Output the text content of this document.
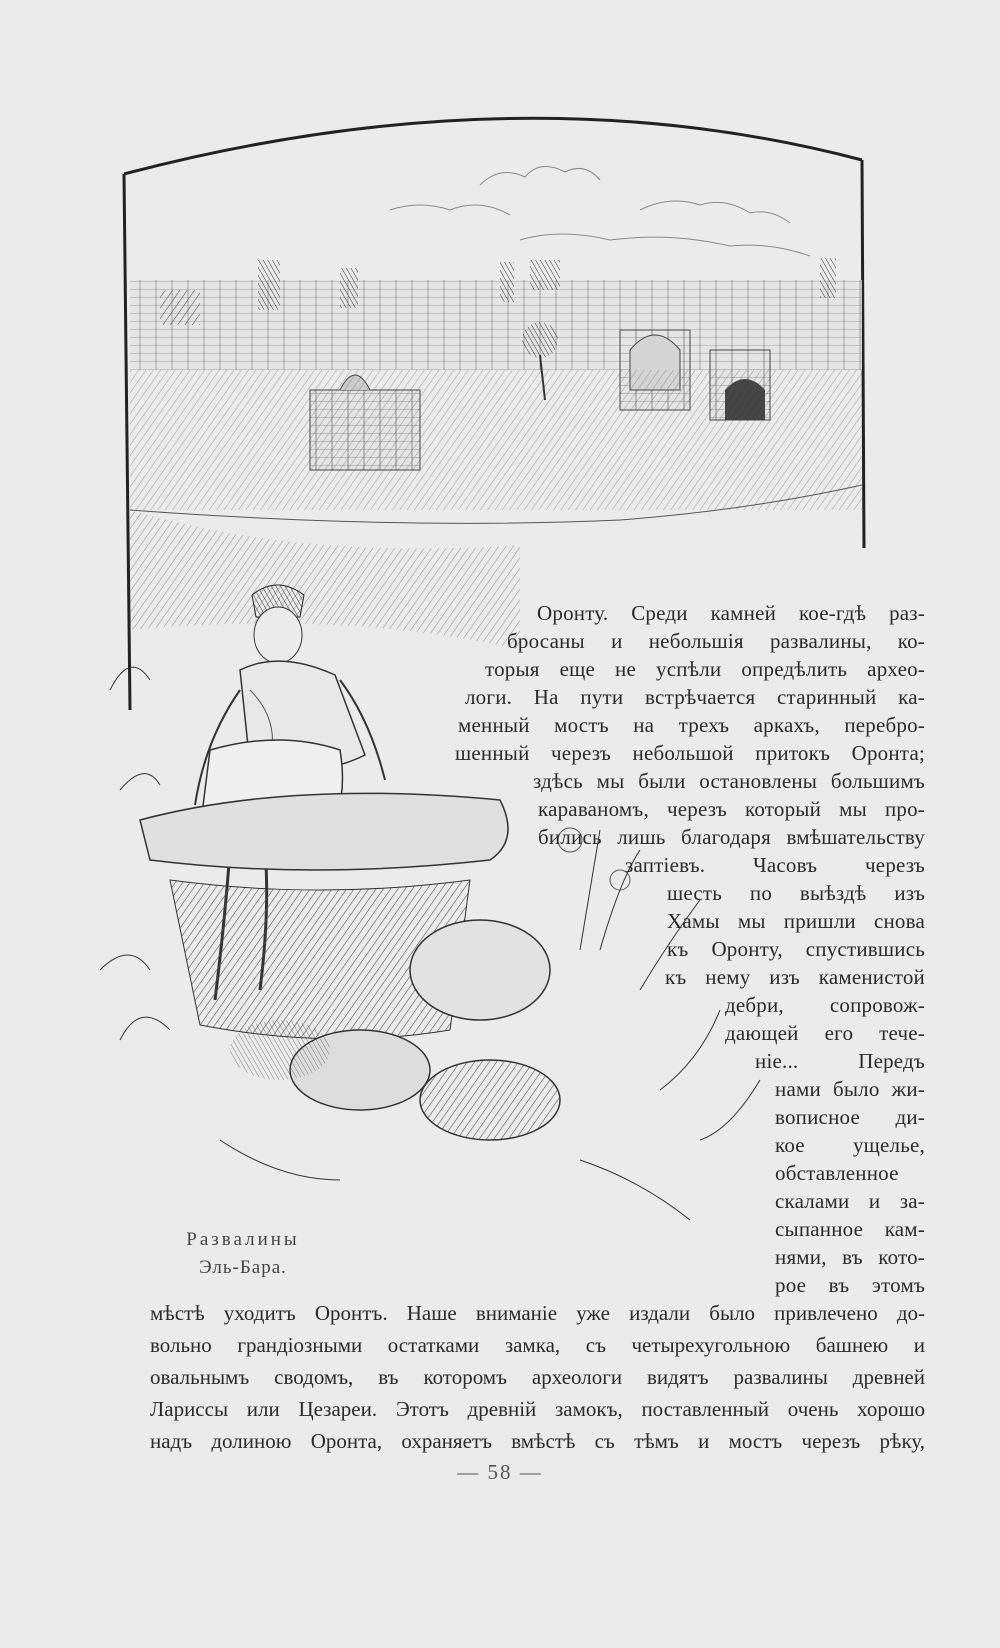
Оронту. Среди камней кое-гдѣ раз-
бросаны и небольшія развалины, ко-
торыя еще не успѣли опредѣлить археo-
логи. На пути встрѣчается старинный ка-
менный мостъ на трехъ аркахъ, перебро-
шенный черезъ небольшой притокъ Оронта;
здѣсь мы были остановлены большимъ
караваномъ, черезъ который мы про-
бились лишь благодаря вмѣшательству
заптіевъ. Часовъ черезъ
шесть по выѣздѣ изъ
Хамы мы пришли снова
къ Оронту, спустившись
къ нему изъ каменистой
дебри, сопровож-
дающей его тече-
ніе... Передъ
нами было жи-
вописное ди-
кое ущелье,
обставленное
скалами и за-
сыпанное кам-
нями, въ кото-
рое въ этомъ
мѣстѣ уходитъ Оронтъ. Наше вниманіе уже издали было привлечено до-
вольно грандіозными остатками замка, съ четырехугольною башнею и
овальнымъ сводомъ, въ которомъ археологи видятъ развалины древней
Ларисcы или Цезареи. Этотъ древній замокъ, поставленный очень хорошо
надъ долиною Оронта, охраняетъ вмѣстѣ съ тѣмъ и мостъ черезъ рѣку,
Развалины
Эль-Бара.
— 58 —
